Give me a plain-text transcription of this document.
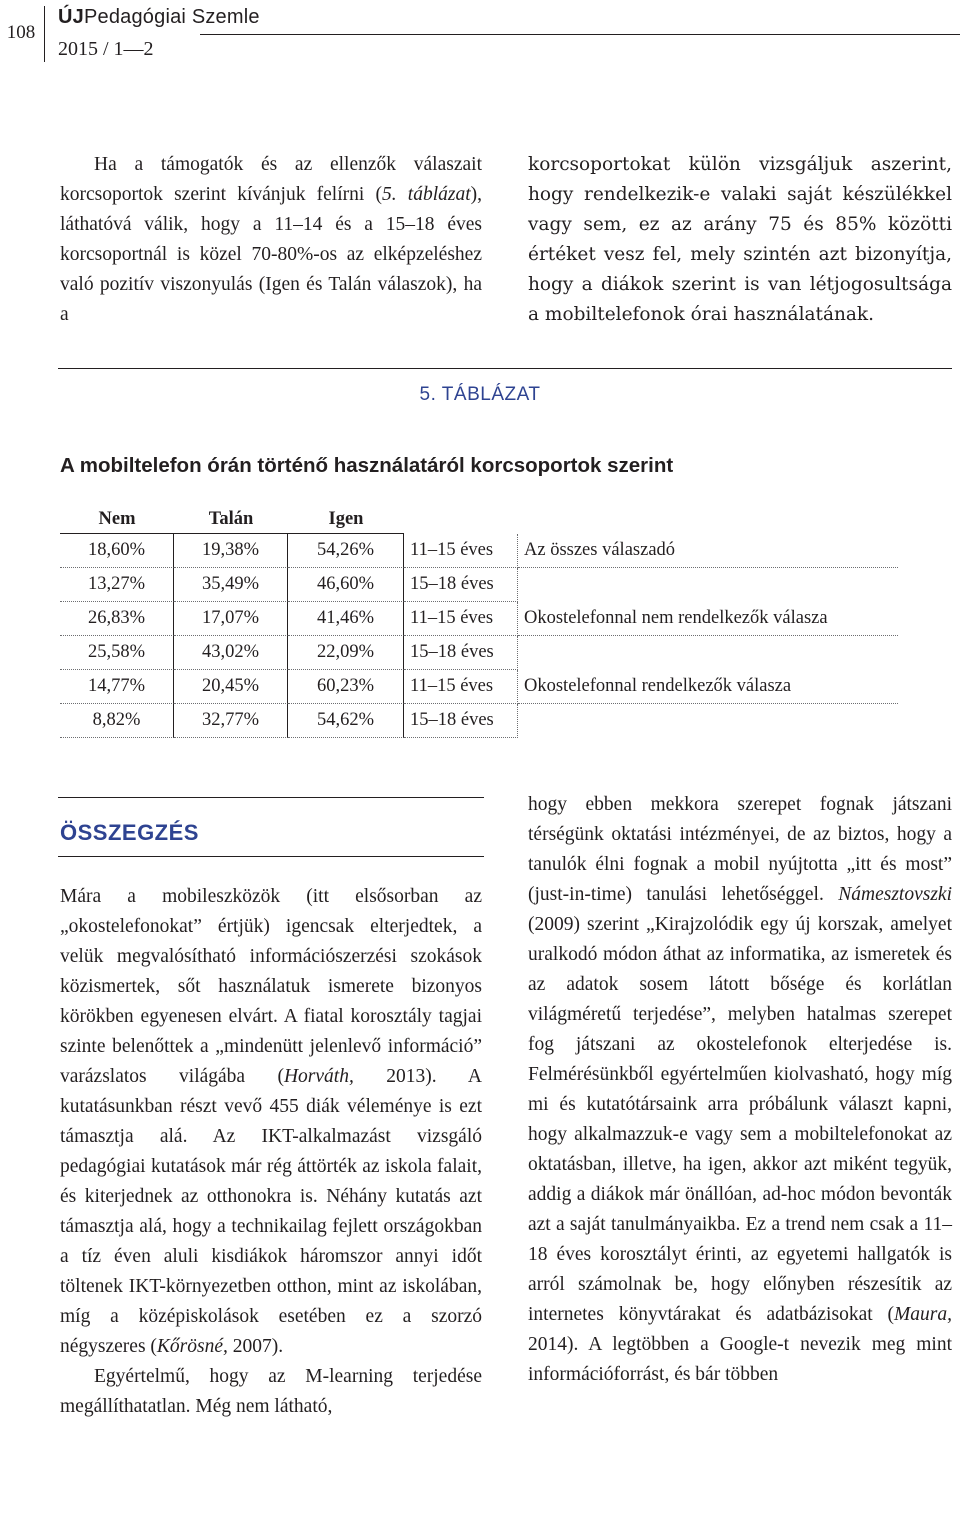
108
ÚJPedagógiai Szemle
2015 / 1—2

Ha a támogatók és az ellenzők válaszait korcsoportok szerint kívánjuk felírni (5. táblázat), láthatóvá válik, hogy a 11–14 és a 15–18 éves korcsoportnál is közel 70-80%-os az elképzeléshez való pozitív viszonyulás (Igen és Talán válaszok), ha a

korcsoportokat külön vizsgáljuk aszerint, hogy rendelkezik-e valaki saját készülékkel vagy sem, ez az arány 75 és 85% közötti értéket vesz fel, mely szintén azt bizonyítja, hogy a diákok szerint is van létjogosultsága a mobiltelefonok órai használatának.

5. TÁBLÁZAT
A mobiltelefon órán történő használatáról korcsoportok szerint
Nem	Talán	Igen
18,60%	19,38%	54,26%	11–15 éves	Az összes válaszadó
13,27%	35,49%	46,60%	15–18 éves
26,83%	17,07%	41,46%	11–15 éves	Okostelefonnal nem rendelkezők válasza
25,58%	43,02%	22,09%	15–18 éves
14,77%	20,45%	60,23%	11–15 éves	Okostelefonnal rendelkezők válasza
8,82%	32,77%	54,62%	15–18 éves
ÖSSZEGZÉS

Mára a mobileszközök (itt elsősorban az „okostelefonokat” értjük) igencsak elterjedtek, a velük megvalósítható információszerzési szokások közismertek, sőt használatuk ismerete bizonyos körökben egyenesen elvárt. A fiatal korosztály tagjai szinte belenőttek a „mindenütt jelenlevő információ” varázslatos világába (Horváth, 2013). A kutatásunkban részt vevő 455 diák véleménye is ezt támasztja alá. Az IKT-alkalmazást vizsgáló pedagógiai kutatások már rég áttörték az iskola falait, és kiterjednek az otthonokra is. Néhány kutatás azt támasztja alá, hogy a technikailag fejlett országokban a tíz éven aluli kisdiákok háromszor annyi időt töltenek IKT-környezetben otthon, mint az iskolában, míg a középiskolások esetében ez a szorzó négyszeres (Kőrösné, 2007).

Egyértelmű, hogy az M-learning terjedése megállíthatatlan. Még nem látható,

hogy ebben mekkora szerepet fognak játszani térségünk oktatási intézményei, de az biztos, hogy a tanulók élni fognak a mobil nyújtotta „itt és most” (just-in-time) tanulási lehetőséggel. Námesztovszki (2009) szerint „Kirajzolódik egy új korszak, amelyet uralkodó módon áthat az informatika, az ismeretek és az adatok sosem látott bősége és korlátlan világméretű terjedése”, melyben hatalmas szerepet fog játszani az okostelefonok elterjedése is. Felmérésünkből egyértelműen kiolvasható, hogy míg mi és kutatótársaink arra próbálunk választ kapni, hogy alkalmazzuk-e vagy sem a mobiltelefonokat az oktatásban, illetve, ha igen, akkor azt miként tegyük, addig a diákok már önállóan, ad-hoc módon bevonták azt a saját tanulmányaikba. Ez a trend nem csak a 11–18 éves korosztályt érinti, az egyetemi hallgatók is arról számolnak be, hogy előnyben részesítik az internetes könyvtárakat és adatbázisokat (Maura, 2014). A legtöbben a Google-t nevezik meg mint információforrást, és bár többen
